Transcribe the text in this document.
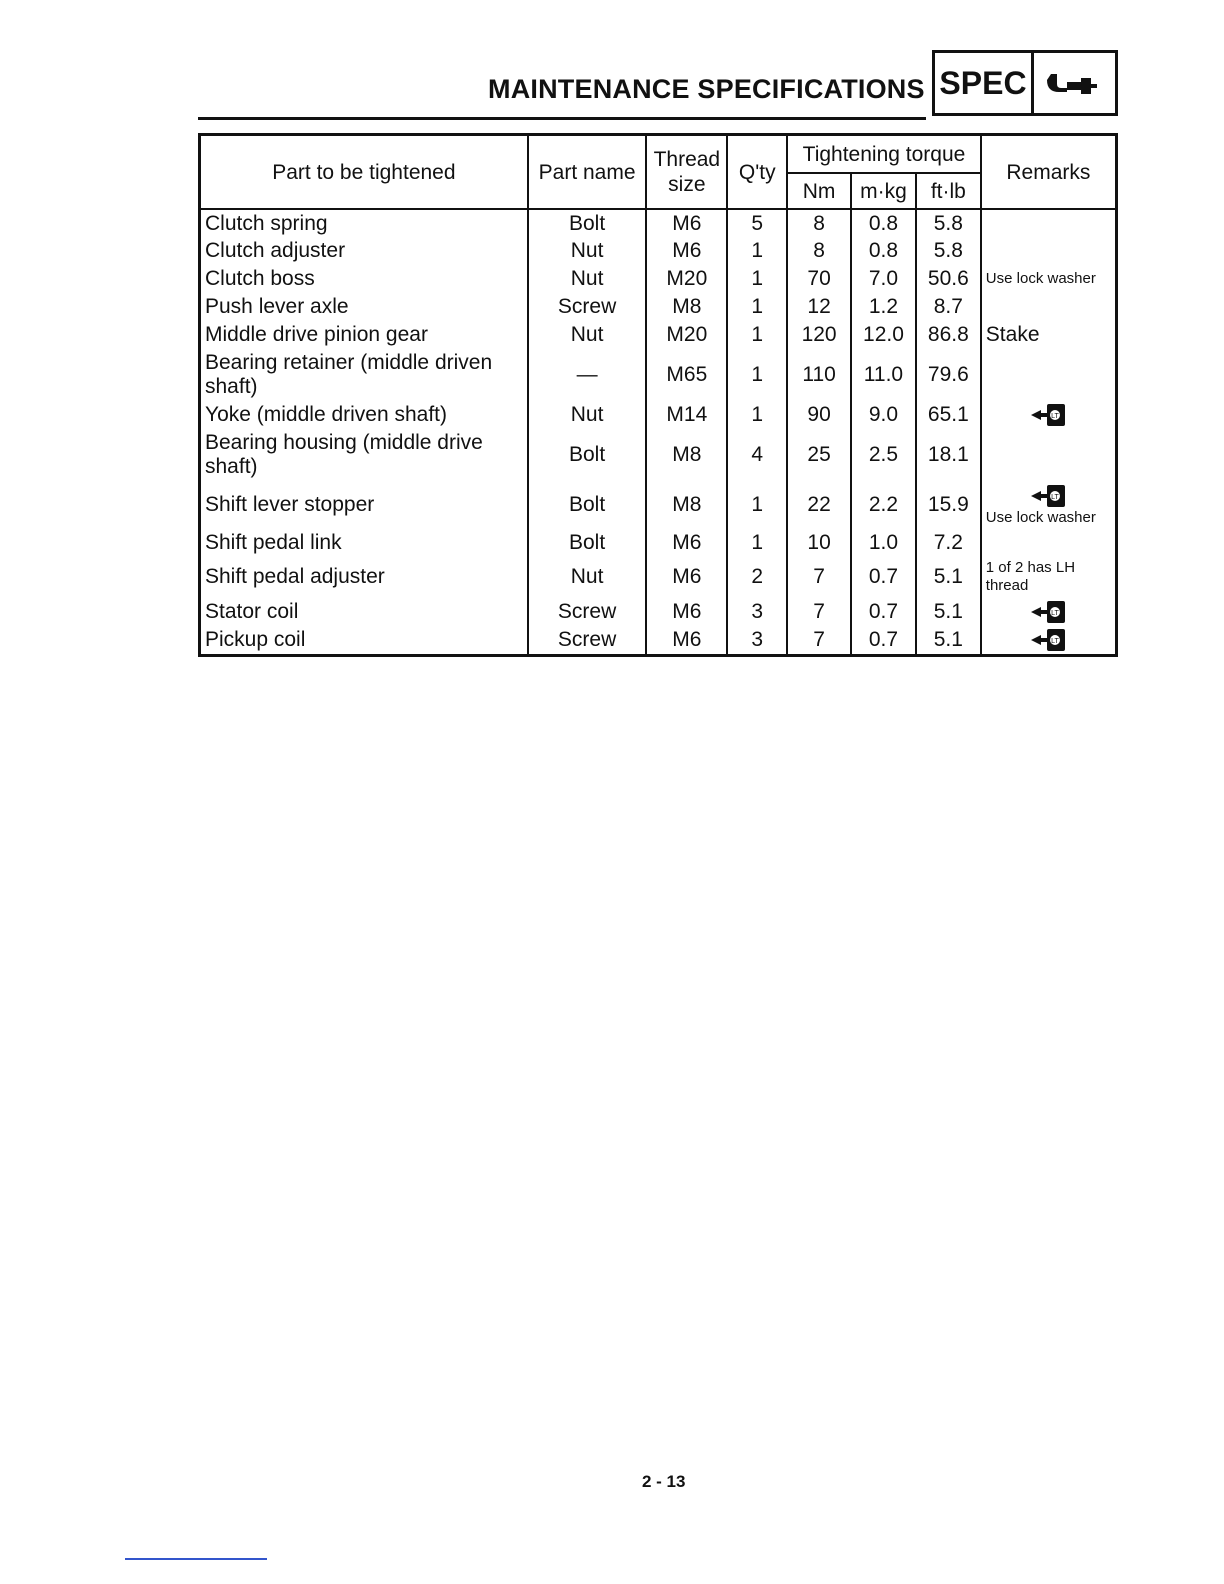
MAINTENANCE SPECIFICATIONS SPEC
Part to be tightened	Part name	Thread size	Q'ty	Tightening torque			Remarks
				Nm	m·kg	ft·lb	
Clutch spring	Bolt	M6	5	8	0.8	5.8	
Clutch adjuster	Nut	M6	1	8	0.8	5.8	
Clutch boss	Nut	M20	1	70	7.0	50.6	Use lock washer
Push lever axle	Screw	M8	1	12	1.2	8.7	
Middle drive pinion gear	Nut	M20	1	120	12.0	86.8	Stake
Bearing retainer (middle driven shaft)	—	M65	1	110	11.0	79.6	
Yoke (middle driven shaft)	Nut	M14	1	90	9.0	65.1	LT

Bearing housing (middle drive shaft)	Bolt	M8	4	25	2.5	18.1	
Shift lever stopper	Bolt	M8	1	22	2.2	15.9	LT
Use lock washer

Shift pedal link	Bolt	M6	1	10	1.0	7.2	
Shift pedal adjuster	Nut	M6	2	7	0.7	5.1	1 of 2 has LH thread
Stator coil	Screw	M6	3	7	0.7	5.1	LT

Pickup coil	Screw	M6	3	7	0.7	5.1	LT
2 - 13
